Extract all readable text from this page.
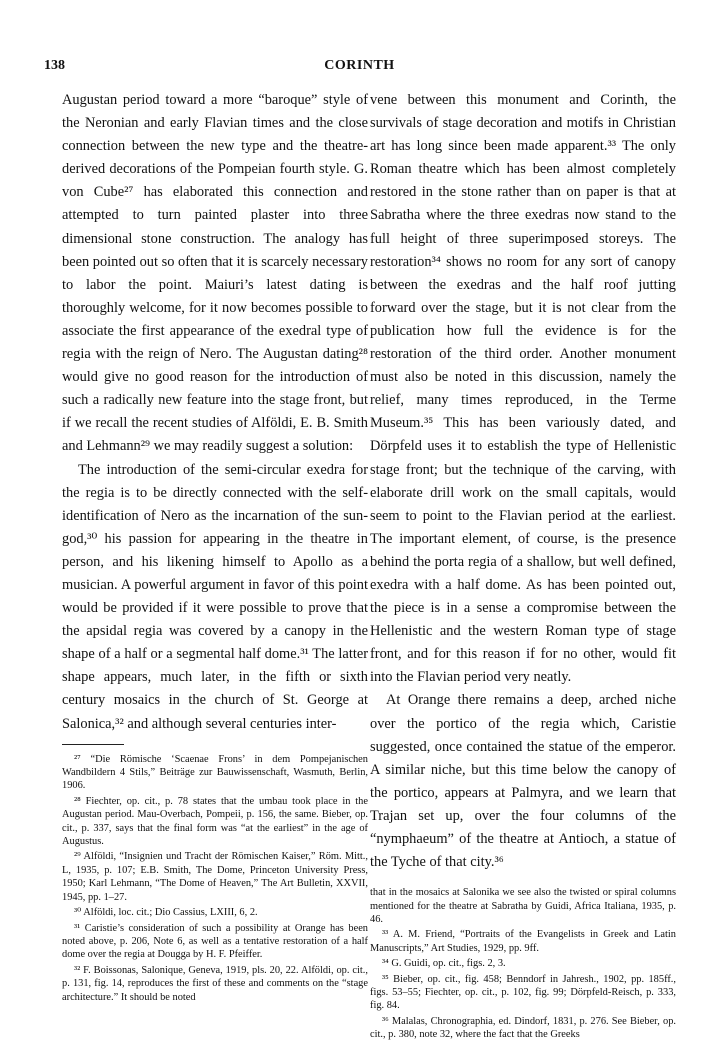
138	CORINTH

Augustan period toward a more “baroque” style of the Neronian and early Flavian times and the close connection between the new type and the theatre-derived decorations of the Pompeian fourth style. G. von Cube²⁷ has elaborated this connection and attempted to turn painted plaster into three dimensional stone construction. The analogy has been pointed out so often that it is scarcely necessary to labor the point. Maiuri’s latest dating is thoroughly welcome, for it now becomes possible to associate the first appearance of the exedral type of regia with the reign of Nero. The Augustan dating²⁸ would give no good reason for the introduction of such a radically new feature into the stage front, but if we recall the recent studies of Alföldi, E. B. Smith and Lehmann²⁹ we may readily suggest a solution:

The introduction of the semi-circular exedra for the regia is to be directly connected with the self-identification of Nero as the incarnation of the sun-god,³⁰ his passion for appearing in the theatre in person, and his likening himself to Apollo as a musician. A powerful argument in favor of this point would be provided if it were possible to prove that the apsidal regia was covered by a canopy in the shape of a half or a segmental half dome.³¹ The latter shape appears, much later, in the fifth or sixth century mosaics in the church of St. George at Salonica,³² and although several centuries inter-

²⁷ “Die Römische ‘Scaenae Frons’ in dem Pompejanischen Wandbildern 4 Stils,” Beiträge zur Bauwissenschaft, Wasmuth, Berlin, 1906.

²⁸ Fiechter, op. cit., p. 78 states that the umbau took place in the Augustan period. Mau-Overbach, Pompeii, p. 156, the same. Bieber, op. cit., p. 337, says that the final form was “at the earliest” in the age of Augustus.

²⁹ Alföldi, “Insignien und Tracht der Römischen Kaiser,” Röm. Mitt., L, 1935, p. 107; E.B. Smith, The Dome, Princeton University Press, 1950; Karl Lehmann, “The Dome of Heaven,” The Art Bulletin, XXVII, 1945, pp. 1–27.

³⁰ Alföldi, loc. cit.; Dio Cassius, LXIII, 6, 2.

³¹ Caristie’s consideration of such a possibility at Orange has been noted above, p. 206, Note 6, as well as a tentative restoration of a half dome over the regia at Dougga by H. F. Pfeiffer.

³² F. Boissonas, Salonique, Geneva, 1919, pls. 20, 22. Alföldi, op. cit., p. 131, fig. 14, reproduces the first of these and comments on the “stage architecture.” It should be noted

vene between this monument and Corinth, the survivals of stage decoration and motifs in Christian art has long since been made apparent.³³ The only Roman theatre which has been almost completely restored in the stone rather than on paper is that at Sabratha where the three exedras now stand to the full height of three superimposed storeys. The restoration³⁴ shows no room for any sort of canopy between the exedras and the half roof jutting forward over the stage, but it is not clear from the publication how full the evidence is for the restoration of the third order. Another monument must also be noted in this discussion, namely the relief, many times reproduced, in the Terme Museum.³⁵ This has been variously dated, and Dörpfeld uses it to establish the type of Hellenistic stage front; but the technique of the carving, with elaborate drill work on the small capitals, would seem to point to the Flavian period at the earliest. The important element, of course, is the presence behind the porta regia of a shallow, but well defined, exedra with a half dome. As has been pointed out, the piece is in a sense a compromise between the Hellenistic and the western Roman type of stage front, and for this reason if for no other, would fit into the Flavian period very neatly.

At Orange there remains a deep, arched niche over the portico of the regia which, Caristie suggested, once contained the statue of the emperor. A similar niche, but this time below the canopy of the portico, appears at Palmyra, and we learn that Trajan set up, over the four columns of the “nymphaeum” of the theatre at Antioch, a statue of the Tyche of that city.³⁶

that in the mosaics at Salonika we see also the twisted or spiral columns mentioned for the theatre at Sabratha by Guidi, Africa Italiana, 1935, p. 46.

³³ A. M. Friend, “Portraits of the Evangelists in Greek and Latin Manuscripts,” Art Studies, 1929, pp. 9ff.

³⁴ G. Guidi, op. cit., figs. 2, 3.

³⁵ Bieber, op. cit., fig. 458; Benndorf in Jahresh., 1902, pp. 185ff., figs. 53–55; Fiechter, op. cit., p. 102, fig. 99; Dörpfeld-Reisch, p. 333, fig. 84.

³⁶ Malalas, Chronographia, ed. Dindorf, 1831, p. 276. See Bieber, op. cit., p. 380, note 32, where the fact that the Greeks
